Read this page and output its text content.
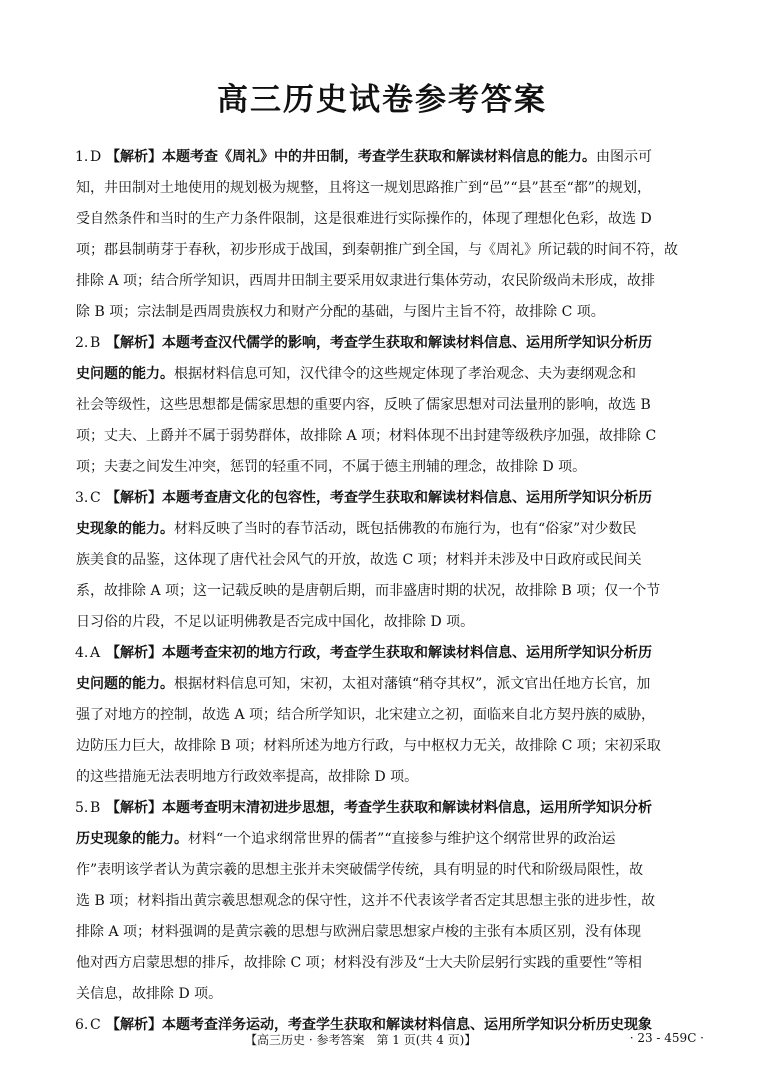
高三历史试卷参考答案
1. D 【解析】本题考查《周礼》中的井田制，考查学生获取和解读材料信息的能力。由图示可
知，井田制对土地使用的规划极为规整，且将这一规划思路推广到“邑”“县”甚至“都”的规划，
受自然条件和当时的生产力条件限制，这是很难进行实际操作的，体现了理想化色彩，故选 D
项；郡县制萌芽于春秋，初步形成于战国，到秦朝推广到全国，与《周礼》所记载的时间不符，故
排除 A 项；结合所学知识，西周井田制主要采用奴隶进行集体劳动，农民阶级尚未形成，故排
除 B 项；宗法制是西周贵族权力和财产分配的基础，与图片主旨不符，故排除 C 项。
2. B 【解析】本题考查汉代儒学的影响，考查学生获取和解读材料信息、运用所学知识分析历
史问题的能力。根据材料信息可知，汉代律令的这些规定体现了孝治观念、夫为妻纲观念和
社会等级性，这些思想都是儒家思想的重要内容，反映了儒家思想对司法量刑的影响，故选 B
项；丈夫、上爵并不属于弱势群体，故排除 A 项；材料体现不出封建等级秩序加强，故排除 C
项；夫妻之间发生冲突，惩罚的轻重不同，不属于德主刑辅的理念，故排除 D 项。
3. C 【解析】本题考查唐文化的包容性，考查学生获取和解读材料信息、运用所学知识分析历
史现象的能力。材料反映了当时的春节活动，既包括佛教的布施行为，也有“俗家”对少数民
族美食的品鉴，这体现了唐代社会风气的开放，故选 C 项；材料并未涉及中日政府或民间关
系，故排除 A 项；这一记载反映的是唐朝后期，而非盛唐时期的状况，故排除 B 项；仅一个节
日习俗的片段，不足以证明佛教是否完成中国化，故排除 D 项。
4. A 【解析】本题考查宋初的地方行政，考查学生获取和解读材料信息、运用所学知识分析历
史问题的能力。根据材料信息可知，宋初，太祖对藩镇“稍夺其权”，派文官出任地方长官，加
强了对地方的控制，故选 A 项；结合所学知识，北宋建立之初，面临来自北方契丹族的威胁，
边防压力巨大，故排除 B 项；材料所述为地方行政，与中枢权力无关，故排除 C 项；宋初采取
的这些措施无法表明地方行政效率提高，故排除 D 项。
5. B 【解析】本题考查明末清初进步思想，考查学生获取和解读材料信息，运用所学知识分析
历史现象的能力。材料“一个追求纲常世界的儒者”“直接参与维护这个纲常世界的政治运
作”表明该学者认为黄宗羲的思想主张并未突破儒学传统，具有明显的时代和阶级局限性，故
选 B 项；材料指出黄宗羲思想观念的保守性，这并不代表该学者否定其思想主张的进步性，故
排除 A 项；材料强调的是黄宗羲的思想与欧洲启蒙思想家卢梭的主张有本质区别，没有体现
他对西方启蒙思想的排斥，故排除 C 项；材料没有涉及“士大夫阶层躬行实践的重要性”等相
关信息，故排除 D 项。
6. C 【解析】本题考查洋务运动，考查学生获取和解读材料信息、运用所学知识分析历史现象
【高三历史 · 参考答案　第 1 页(共 4 页)】	· 23 - 459C ·
